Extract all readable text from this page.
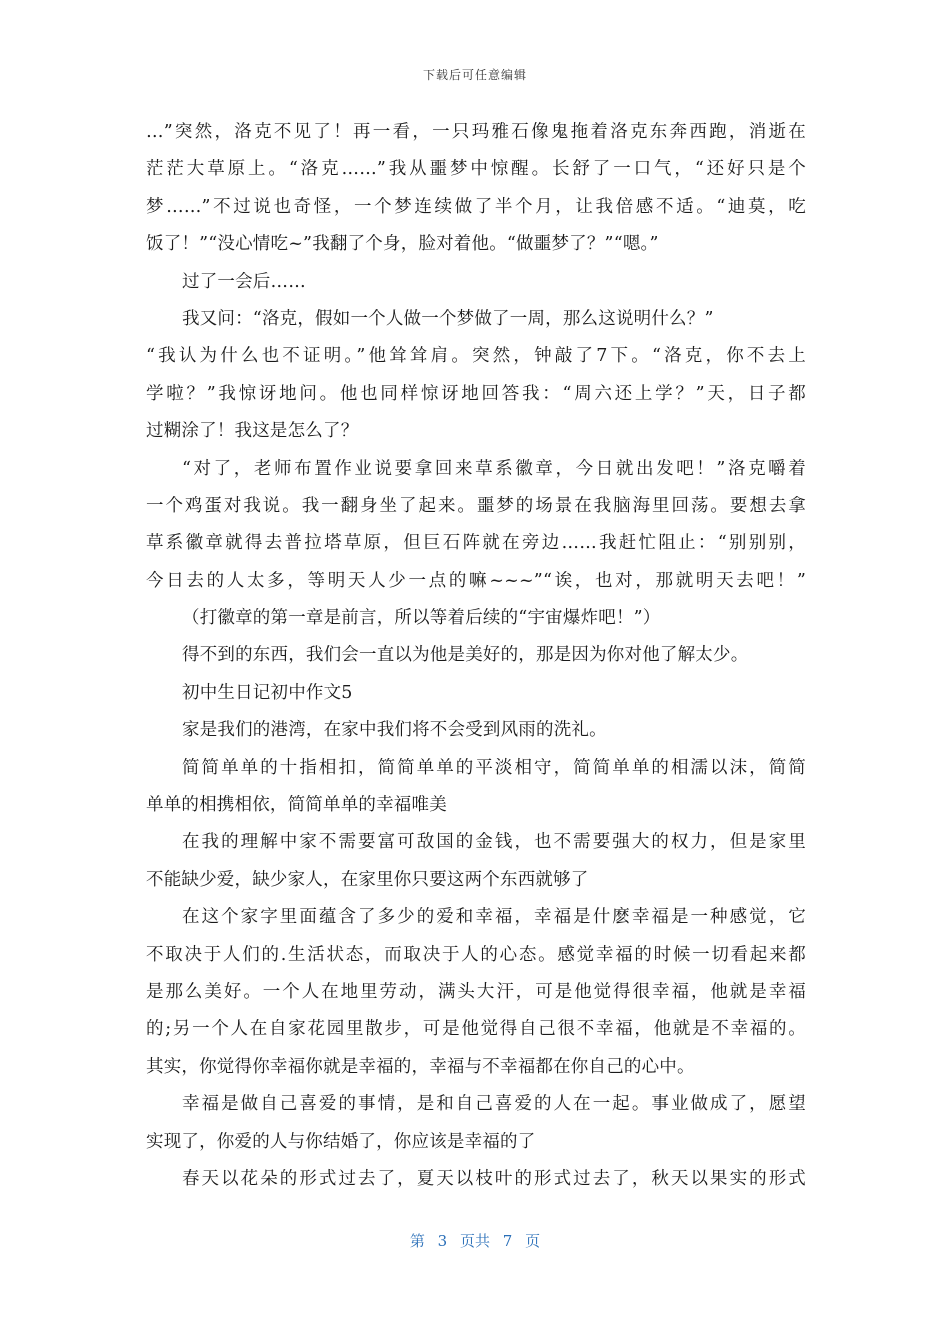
下载后可任意编辑
…”突然，洛克不见了！再一看，一只玛雅石像鬼拖着洛克东奔西跑，消逝在
茫茫大草原上。“洛克……”我从噩梦中惊醒。长舒了一口气，“还好只是个
梦……”不过说也奇怪，一个梦连续做了半个月，让我倍感不适。“迪莫，吃
饭了！”“没心情吃~”我翻了个身，脸对着他。“做噩梦了？”“嗯。”
过了一会后……
我又问：“洛克，假如一个人做一个梦做了一周，那么这说明什么？”
“我认为什么也不证明。”他耸耸肩。突然，钟敲了7下。“洛克，你不去上
学啦？”我惊讶地问。他也同样惊讶地回答我：“周六还上学？”天，日子都
过糊涂了！我这是怎么了？
“对了，老师布置作业说要拿回来草系徽章，今日就出发吧！”洛克嚼着
一个鸡蛋对我说。我一翻身坐了起来。噩梦的场景在我脑海里回荡。要想去拿
草系徽章就得去普拉塔草原，但巨石阵就在旁边……我赶忙阻止：“别别别，
今日去的人太多，等明天人少一点的嘛~~~”“诶，也对，那就明天去吧！”
（打徽章的第一章是前言，所以等着后续的“宇宙爆炸吧！”）
得不到的东西，我们会一直以为他是美好的，那是因为你对他了解太少。
初中生日记初中作文5
家是我们的港湾，在家中我们将不会受到风雨的洗礼。
简简单单的十指相扣，简简单单的平淡相守，简简单单的相濡以沫，简简
单单的相携相依，简简单单的幸福唯美
在我的理解中家不需要富可敌国的金钱，也不需要强大的权力，但是家里
不能缺少爱，缺少家人，在家里你只要这两个东西就够了
在这个家字里面蕴含了多少的爱和幸福，幸福是什麽幸福是一种感觉，它
不取决于人们的.生活状态，而取决于人的心态。感觉幸福的时候一切看起来都
是那么美好。一个人在地里劳动，满头大汗，可是他觉得很幸福，他就是幸福
的;另一个人在自家花园里散步，可是他觉得自己很不幸福，他就是不幸福的。
其实，你觉得你幸福你就是幸福的，幸福与不幸福都在你自己的心中。
幸福是做自己喜爱的事情，是和自己喜爱的人在一起。事业做成了，愿望
实现了，你爱的人与你结婚了，你应该是幸福的了
春天以花朵的形式过去了，夏天以枝叶的形式过去了，秋天以果实的形式
第 3 页共 7 页
